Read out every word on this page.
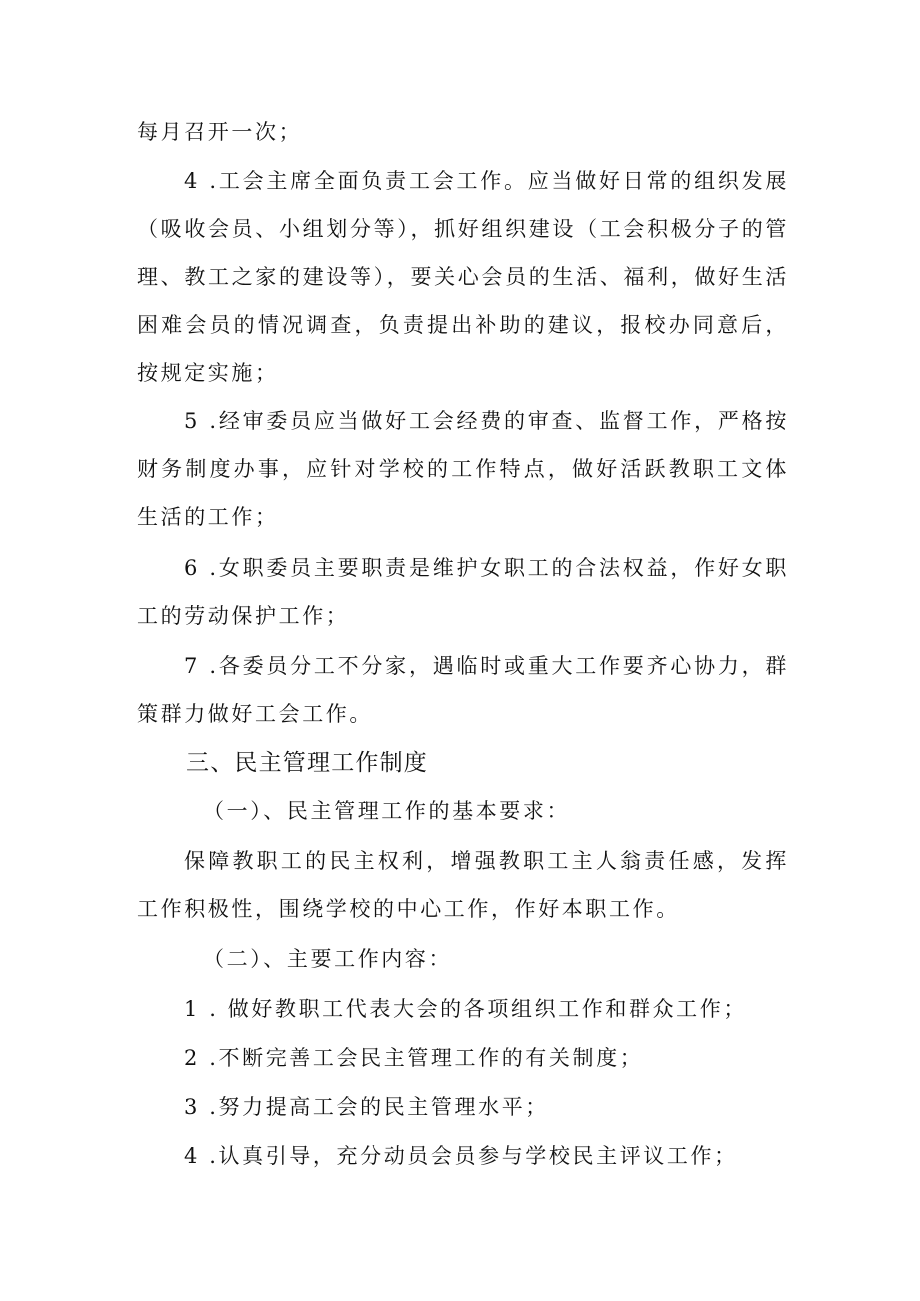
每月召开一次；

4 .工会主席全面负责工会工作。应当做好日常的组织发展（吸收会员、小组划分等），抓好组织建设（工会积极分子的管理、教工之家的建设等），要关心会员的生活、福利，做好生活困难会员的情况调查，负责提出补助的建议，报校办同意后，按规定实施；

5 .经审委员应当做好工会经费的审查、监督工作，严格按财务制度办事，应针对学校的工作特点，做好活跃教职工文体生活的工作；

6 .女职委员主要职责是维护女职工的合法权益，作好女职工的劳动保护工作；

7 .各委员分工不分家，遇临时或重大工作要齐心协力，群策群力做好工会工作。

三、民主管理工作制度

（一）、民主管理工作的基本要求：

保障教职工的民主权利，增强教职工主人翁责任感，发挥工作积极性，围绕学校的中心工作，作好本职工作。

（二）、主要工作内容：

1 . 做好教职工代表大会的各项组织工作和群众工作；

2 .不断完善工会民主管理工作的有关制度；

3 .努力提高工会的民主管理水平；

4 .认真引导，充分动员会员参与学校民主评议工作；
